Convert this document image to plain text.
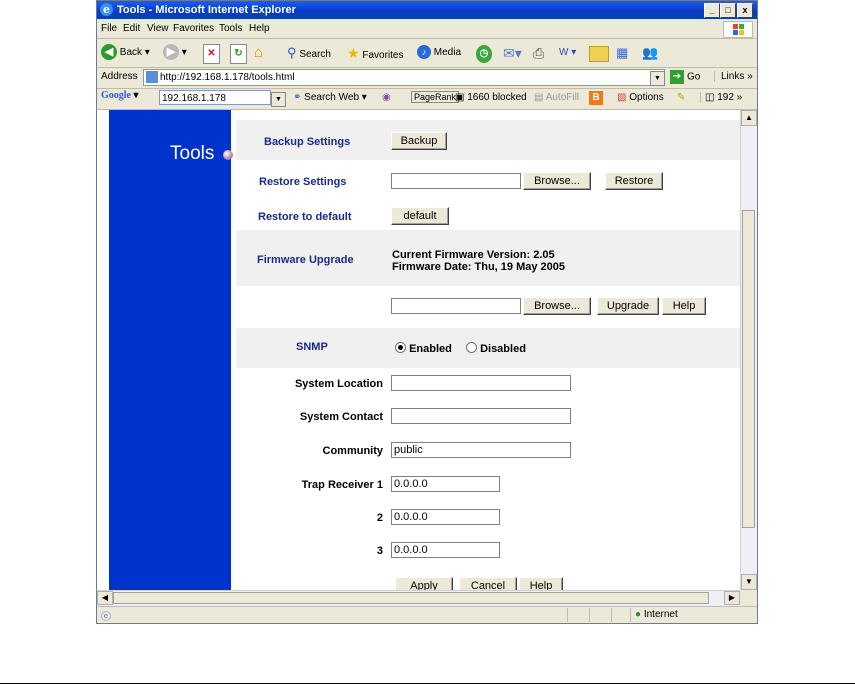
e Tools - Microsoft Internet Explorer	_	□	x
File Edit View Favorites Tools Help
◀ Back ▾	▶ ▾	✕	↻ ⌂ ⚲ Search ★ Favorites	♪ Media	◷ ✉▾ ⎙ W ▾	▦ 👥
Address	http://192.168.1.178/tools.html	▼	➔ Go	Links »
Google ▾	192.168.1.178	▼	⚭ Search Web ▾ ◉	PageRank
▣ 1660 blocked ▤ AutoFill	B	▧ Options ✎	◫ 192 »
Tools
Backup Settings	Backup
Restore Settings	Browse...	Restore
Restore to default	default
Firmware Upgrade	Current Firmware Version: 2.05
Firmware Date: Thu, 19 May 2005
Browse...	Upgrade	Help
SNMP	Enabled	Disabled
System Location
System Contact
Community public
Trap Receiver 1 0.0.0.0
2 0.0.0.0
3 0.0.0.0
Apply	Cancel	Help
▲
▼
◀	▶
ⓔ	● Internet
